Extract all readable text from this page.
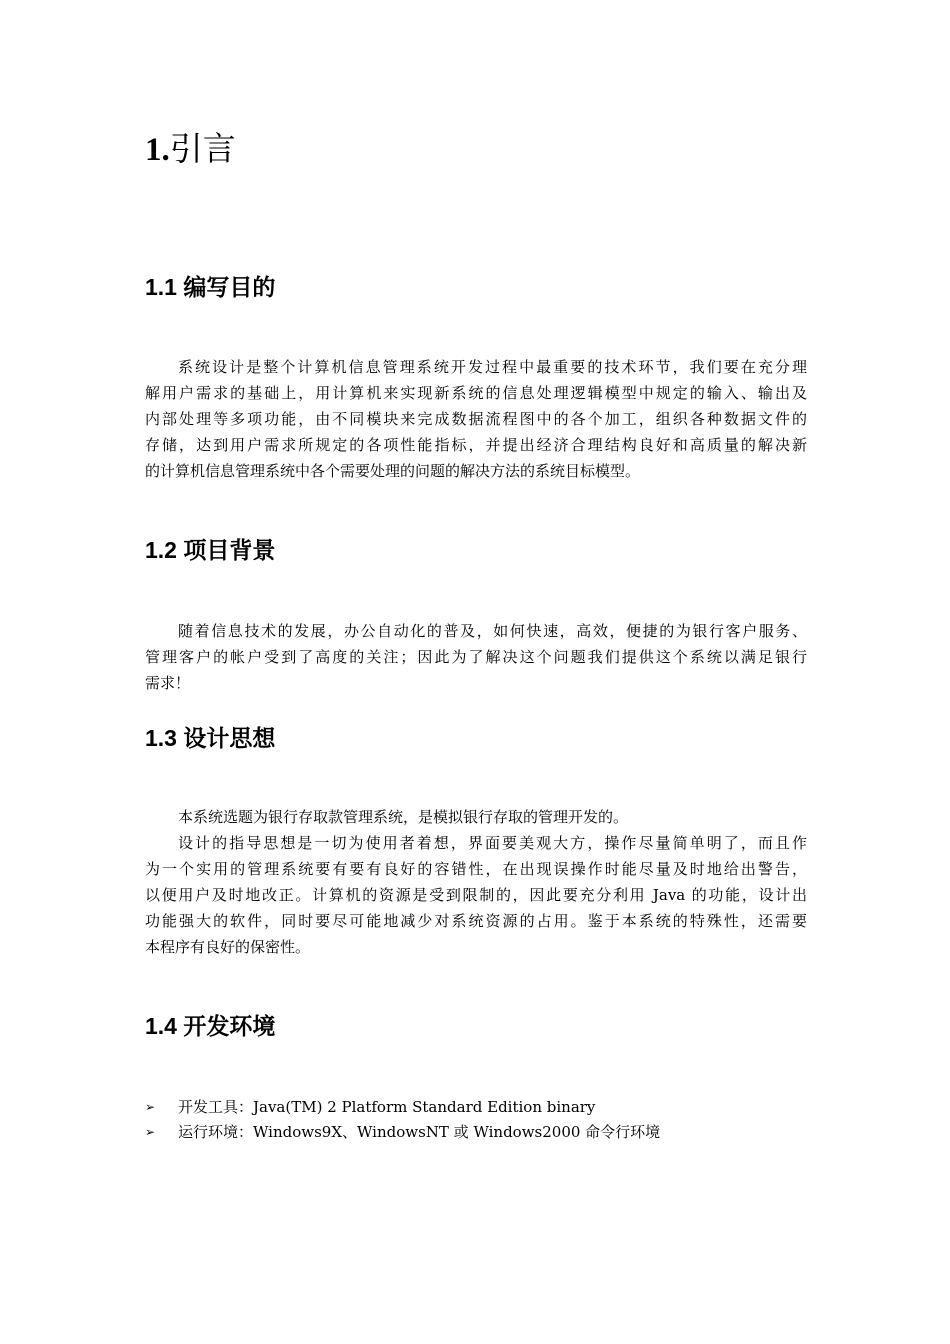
1.引言
1.1 编写目的
系统设计是整个计算机信息管理系统开发过程中最重要的技术环节，我们要在充分理
解用户需求的基础上，用计算机来实现新系统的信息处理逻辑模型中规定的输入、输出及
内部处理等多项功能，由不同模块来完成数据流程图中的各个加工，组织各种数据文件的
存储，达到用户需求所规定的各项性能指标，并提出经济合理结构良好和高质量的解决新
的计算机信息管理系统中各个需要处理的问题的解决方法的系统目标模型。
1.2 项目背景
随着信息技术的发展，办公自动化的普及，如何快速，高效，便捷的为银行客户服务、
管理客户的帐户受到了高度的关注；因此为了解决这个问题我们提供这个系统以满足银行
需求！
1.3 设计思想
本系统选题为银行存取款管理系统，是模拟银行存取的管理开发的。
设计的指导思想是一切为使用者着想，界面要美观大方，操作尽量简单明了，而且作
为一个实用的管理系统要有要有良好的容错性，在出现误操作时能尽量及时地给出警告，
以便用户及时地改正。计算机的资源是受到限制的，因此要充分利用 Java 的功能，设计出
功能强大的软件，同时要尽可能地减少对系统资源的占用。鉴于本系统的特殊性，还需要
本程序有良好的保密性。
1.4 开发环境
➢ 开发工具：Java(TM) 2 Platform Standard Edition binary
➢ 运行环境：Windows9X、WindowsNT 或 Windows2000 命令行环境
